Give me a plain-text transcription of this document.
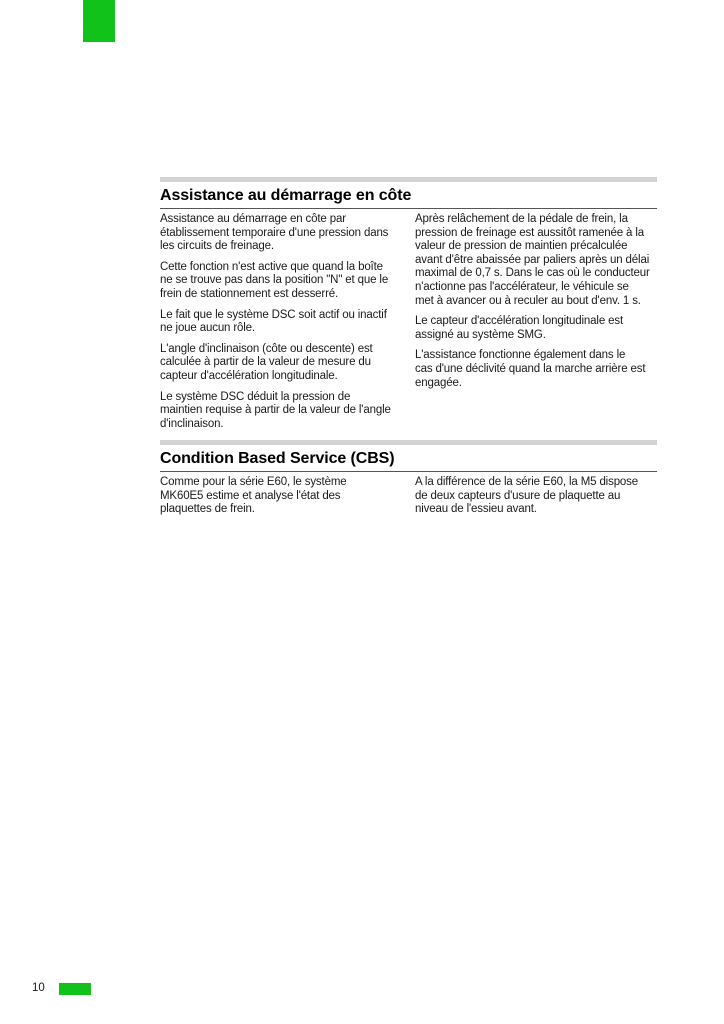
Assistance au démarrage en côte

Assistance au démarrage en côte par
établissement temporaire d'une pression dans
les circuits de freinage.

Cette fonction n'est active que quand la boîte
ne se trouve pas dans la position "N" et que le
frein de stationnement est desserré.

Le fait que le système DSC soit actif ou inactif
ne joue aucun rôle.

L'angle d'inclinaison (côte ou descente) est
calculée à partir de la valeur de mesure du
capteur d'accélération longitudinale.

Le système DSC déduit la pression de
maintien requise à partir de la valeur de l'angle
d'inclinaison.

Après relâchement de la pédale de frein, la
pression de freinage est aussitôt ramenée à la
valeur de pression de maintien précalculée
avant d'être abaissée par paliers après un délai
maximal de 0,7 s. Dans le cas où le conducteur
n'actionne pas l'accélérateur, le véhicule se
met à avancer ou à reculer au bout d'env. 1 s.

Le capteur d'accélération longitudinale est
assigné au système SMG.

L'assistance fonctionne également dans le
cas d'une déclivité quand la marche arrière est
engagée.

Condition Based Service (CBS)

Comme pour la série E60, le système
MK60E5 estime et analyse l'état des
plaquettes de frein.

A la différence de la série E60, la M5 dispose
de deux capteurs d'usure de plaquette au
niveau de l'essieu avant.

10
